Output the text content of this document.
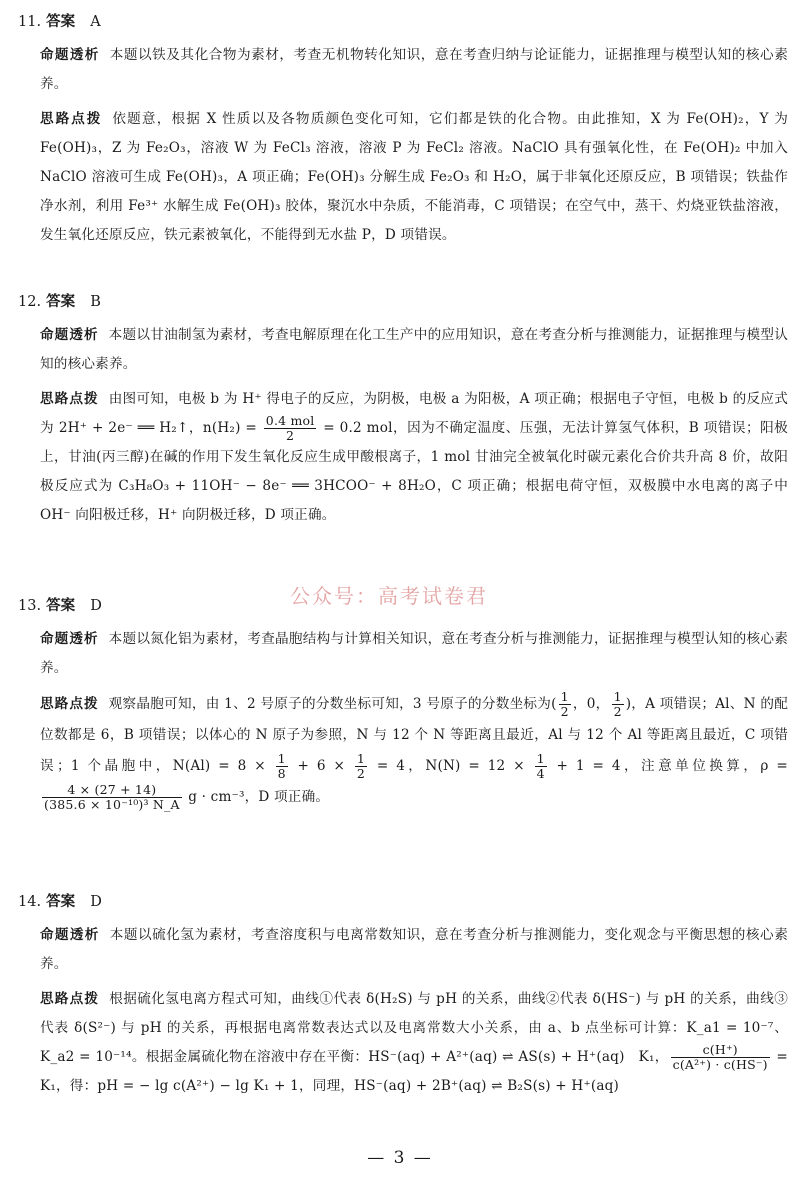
11. 答案 A
命题透析 本题以铁及其化合物为素材，考查无机物转化知识，意在考查归纳与论证能力，证据推理与模型认知的核心素养。
思路点拨 依题意，根据 X 性质以及各物质颜色变化可知，它们都是铁的化合物。由此推知，X 为 Fe(OH)₂，Y 为 Fe(OH)₃，Z 为 Fe₂O₃，溶液 W 为 FeCl₃ 溶液，溶液 P 为 FeCl₂ 溶液。NaClO 具有强氧化性，在 Fe(OH)₂ 中加入 NaClO 溶液可生成 Fe(OH)₃，A 项正确；Fe(OH)₃ 分解生成 Fe₂O₃ 和 H₂O，属于非氧化还原反应，B 项错误；铁盐作净水剂，利用 Fe³⁺ 水解生成 Fe(OH)₃ 胶体，聚沉水中杂质，不能消毒，C 项错误；在空气中，蒸干、灼烧亚铁盐溶液，发生氧化还原反应，铁元素被氧化，不能得到无水盐 P，D 项错误。
12. 答案 B
命题透析 本题以甘油制氢为素材，考查电解原理在化工生产中的应用知识，意在考查分析与推测能力，证据推理与模型认知的核心素养。
思路点拨 由图可知，电极 b 为 H⁺ 得电子的反应，为阴极，电极 a 为阳极，A 项正确；根据电子守恒，电极 b 的反应式为 2H⁺ + 2e⁻ ══ H₂↑，$n(H_2) = \frac{\text{0.4 mol}}{2} = 0.2$ mol，因为不确定温度、压强，无法计算氢气体积，B 项错误；阳极上，甘油(丙三醇)在碱的作用下发生氧化反应生成甲酸根离子，1 mol 甘油完全被氧化时碳元素化合价共升高 8 价，故阳极反应式为 C₃H₈O₃ + 11OH⁻ − 8e⁻ ══ 3HCOO⁻ + 8H₂O，C 项正确；根据电荷守恒，双极膜中水电离的离子中 OH⁻ 向阳极迁移，H⁺ 向阴极迁移，D 项正确。
公众号：高考试卷君
13. 答案 D
命题透析 本题以氮化铝为素材，考查晶胞结构与计算相关知识，意在考查分析与推测能力，证据推理与模型认知的核心素养。
思路点拨 观察晶胞可知，由 1、2 号原子的分数坐标可知，3 号原子的分数坐标为( $\frac{1}{2}$ ，0， $\frac{1}{2}$ )，A 项错误；Al、N 的配位数都是 6，B 项错误；以体心的 N 原子为参照，N 与 12 个 N 等距离且最近，Al 与 12 个 Al 等距离且最近，C 项错误；1 个晶胞中，$N(Al) = 8 \times \frac{1}{8} + 6 \times \frac{1}{2} = 4$，$N(N) = 12 \times \frac{1}{4} + 1 = 4$，注意单位换算，ρ =
$\frac{4 \times (27 + 14)}{\text{(385.6 × 10⁻¹⁰)³ N\_A}}$ g · cm⁻³，D 项正确。
14. 答案 D
命题透析 本题以硫化氢为素材，考查溶度积与电离常数知识，意在考查分析与推测能力，变化观念与平衡思想的核心素养。
思路点拨 根据硫化氢电离方程式可知，曲线①代表 δ(H₂S) 与 pH 的关系，曲线②代表 δ(HS⁻) 与 pH 的关系，曲线③代表 δ(S²⁻) 与 pH 的关系，再根据电离常数表达式以及电离常数大小关系，由 a、b 点坐标可计算：K_a1 = 10⁻⁷、K_a2 = 10⁻¹⁴。根据金属硫化物在溶液中存在平衡：HS⁻(aq) + A²⁺(aq) ⇌ AS(s) + H⁺(aq)　K₁， $\frac{c(H^+)}{\text{c(A²⁺) · c(HS⁻)}} = K_1$，得：pH = − lg c(A²⁺) − lg K₁ + 1，同理，HS⁻(aq) + 2B⁺(aq) ⇌ B₂S(s) + H⁺(aq)
— 3 —
